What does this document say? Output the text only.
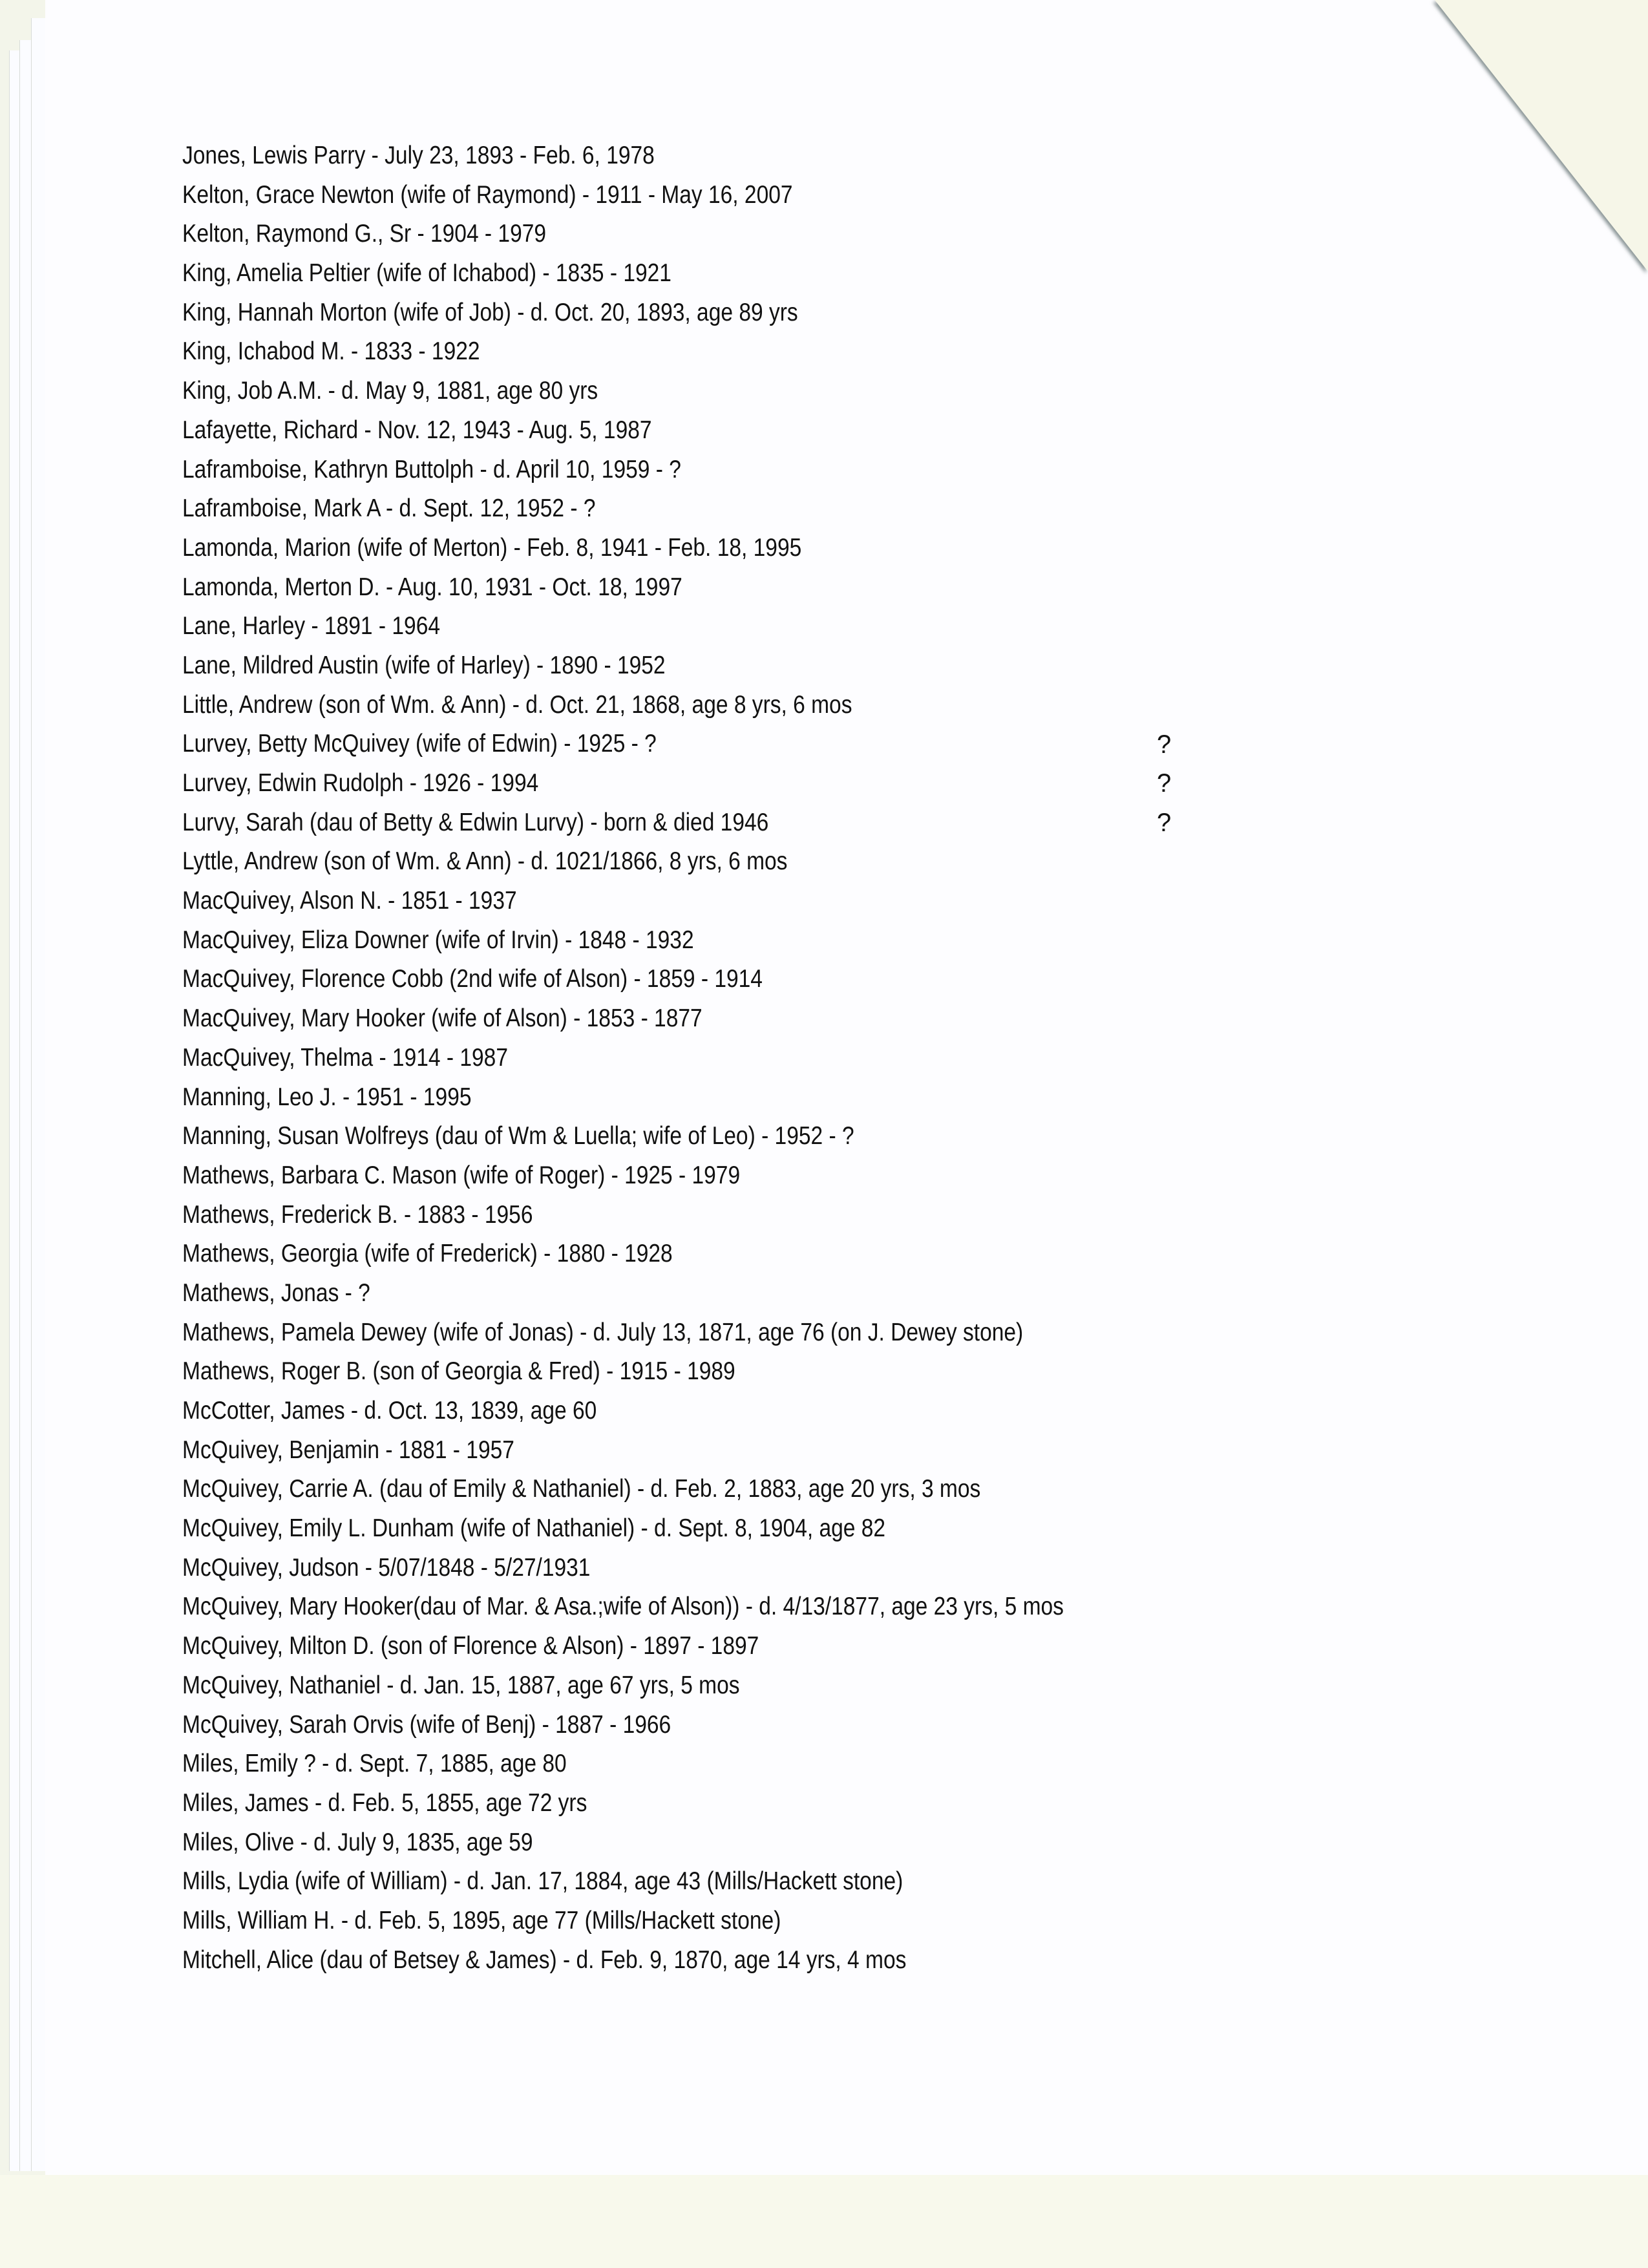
Jones, Lewis Parry - July 23, 1893 - Feb. 6, 1978
Kelton, Grace Newton (wife of Raymond) - 1911 - May 16, 2007
Kelton, Raymond G., Sr - 1904 - 1979
King, Amelia Peltier (wife of Ichabod) - 1835 - 1921
King, Hannah Morton (wife of Job) - d. Oct. 20, 1893, age 89 yrs
King, Ichabod M. - 1833 - 1922
King, Job A.M. - d. May 9, 1881, age 80 yrs
Lafayette, Richard - Nov. 12, 1943 - Aug. 5, 1987
Laframboise, Kathryn Buttolph - d. April 10, 1959 - ?
Laframboise, Mark A - d. Sept. 12, 1952 - ?
Lamonda, Marion (wife of Merton) - Feb. 8, 1941 - Feb. 18, 1995
Lamonda, Merton D. - Aug. 10, 1931 - Oct. 18, 1997
Lane, Harley - 1891 - 1964
Lane, Mildred Austin (wife of Harley) - 1890 - 1952
Little, Andrew (son of Wm. & Ann) - d. Oct. 21, 1868, age 8 yrs, 6 mos
Lurvey, Betty McQuivey (wife of Edwin) - 1925 - ?
Lurvey, Edwin Rudolph - 1926 - 1994
Lurvy, Sarah (dau of Betty & Edwin Lurvy) - born & died 1946
Lyttle, Andrew (son of Wm. & Ann) - d. 1021/1866, 8 yrs, 6 mos
MacQuivey, Alson N. - 1851 - 1937
MacQuivey, Eliza Downer (wife of Irvin) - 1848 - 1932
MacQuivey, Florence Cobb (2nd wife of Alson) - 1859 - 1914
MacQuivey, Mary Hooker (wife of Alson) - 1853 - 1877
MacQuivey, Thelma - 1914 - 1987
Manning, Leo J. - 1951 - 1995
Manning, Susan Wolfreys (dau of Wm & Luella; wife of Leo) - 1952 - ?
Mathews, Barbara C. Mason (wife of Roger) - 1925 - 1979
Mathews, Frederick B. - 1883 - 1956
Mathews, Georgia (wife of Frederick) - 1880 - 1928
Mathews, Jonas - ?
Mathews, Pamela Dewey (wife of Jonas) - d. July 13, 1871, age 76 (on J. Dewey stone)
Mathews, Roger B. (son of Georgia & Fred) - 1915 - 1989
McCotter, James - d. Oct. 13, 1839, age 60
McQuivey, Benjamin - 1881 - 1957
McQuivey, Carrie A. (dau of Emily & Nathaniel) - d. Feb. 2, 1883, age 20 yrs, 3 mos
McQuivey, Emily L. Dunham (wife of Nathaniel) - d. Sept. 8, 1904, age 82
McQuivey, Judson - 5/07/1848 - 5/27/1931
McQuivey, Mary Hooker(dau of Mar. & Asa.;wife of Alson)) - d. 4/13/1877, age 23 yrs, 5 mos
McQuivey, Milton D. (son of Florence & Alson) - 1897 - 1897
McQuivey, Nathaniel - d. Jan. 15, 1887, age 67 yrs, 5 mos
McQuivey, Sarah Orvis (wife of Benj) - 1887 - 1966
Miles, Emily ? - d. Sept. 7, 1885, age 80
Miles, James - d. Feb. 5, 1855, age 72 yrs
Miles, Olive - d. July 9, 1835, age 59
Mills, Lydia (wife of William) - d. Jan. 17, 1884, age 43 (Mills/Hackett stone)
Mills, William H. - d. Feb. 5, 1895, age 77 (Mills/Hackett stone)
Mitchell, Alice (dau of Betsey & James) - d. Feb. 9, 1870, age 14 yrs, 4 mos
?
?
?
